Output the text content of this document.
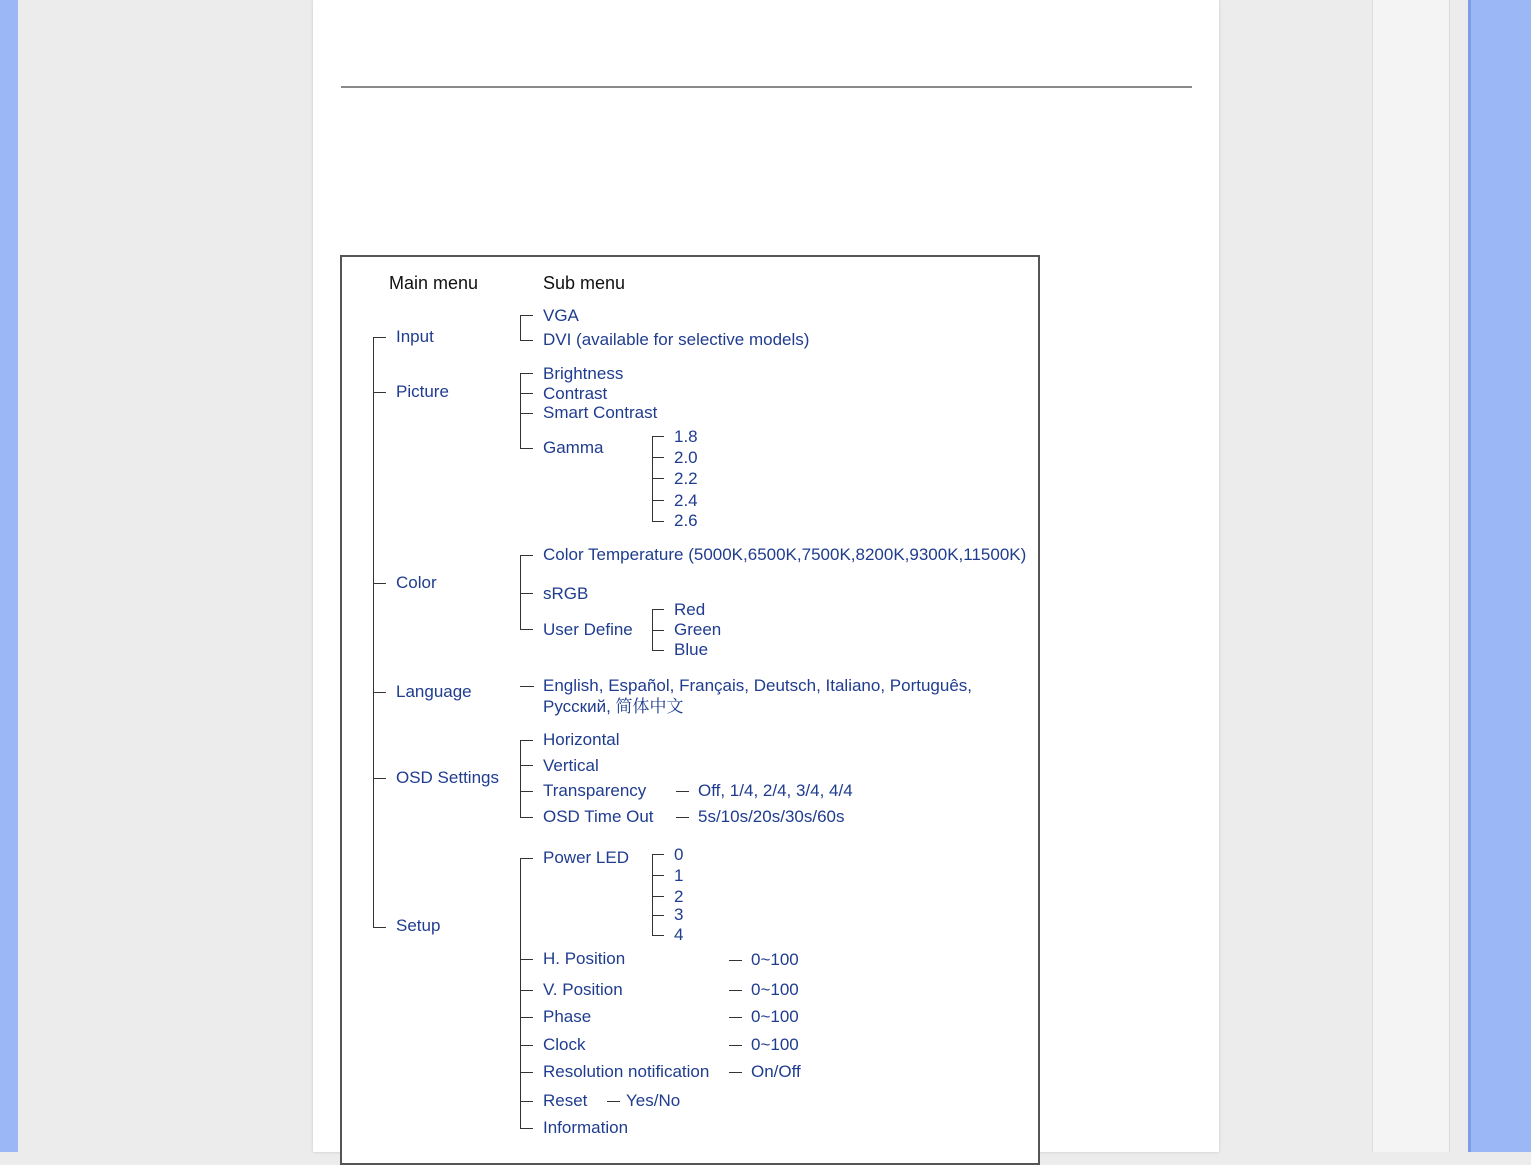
Main menu	Sub menu
Input
Picture
Color
Language
OSD Settings
Setup
VGA
DVI (available for selective models)
Brightness
Contrast
Smart Contrast
Gamma
1.8
2.0
2.2
2.4
2.6
Color Temperature (5000K,6500K,7500K,8200K,9300K,11500K)
sRGB
User Define
Red
Green
Blue
English, Español, Français, Deutsch, Italiano, Português,
Русский, 简体中文
Horizontal
Vertical
Transparency
OSD Time Out
Off, 1/4, 2/4, 3/4, 4/4
5s/10s/20s/30s/60s
Power LED
H. Position
V. Position
Phase
Clock
Resolution notification
Reset
Information
0
1
2
3
4
0~100
0~100
0~100
0~100
On/Off
Yes/No
